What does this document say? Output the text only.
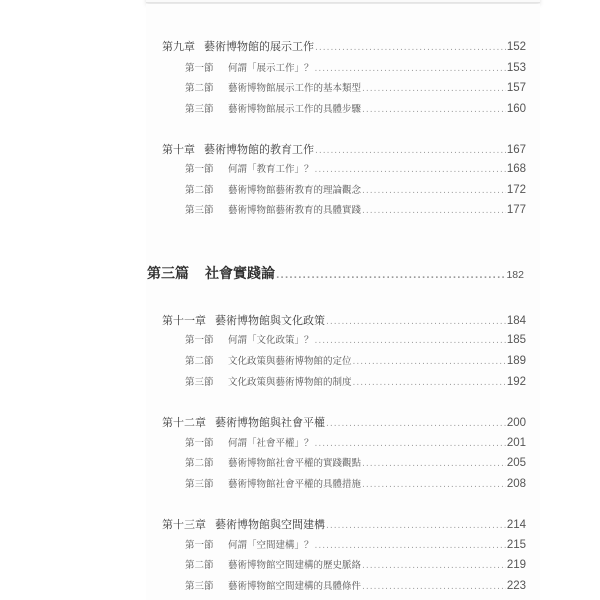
第九章 藝術博物館的展示工作 .....	152
第一節	何謂「展示工作」？ .....	153
第二節	藝術博物館展示工作的基本類型 .....	157
第三節	藝術博物館展示工作的具體步驟 .....	160
第十章 藝術博物館的教育工作 .....	167
第一節	何謂「教育工作」？ .....	168
第二節	藝術博物館藝術教育的理論觀念 .....	172
第三節	藝術博物館藝術教育的具體實踐 .....	177
第三篇 社會實踐論 .....	182
第十一章 藝術博物館與文化政策 .....	184
第一節	何謂「文化政策」？ .....	185
第二節	文化政策與藝術博物館的定位 .....	189
第三節	文化政策與藝術博物館的制度 .....	192
第十二章 藝術博物館與社會平權 .....	200
第一節	何謂「社會平權」？ .....	201
第二節	藝術博物館社會平權的實踐觀點 .....	205
第三節	藝術博物館社會平權的具體措施 .....	208
第十三章 藝術博物館與空間建構 .....	214
第一節	何謂「空間建構」？ .....	215
第二節	藝術博物館空間建構的歷史脈絡 .....	219
第三節	藝術博物館空間建構的具體條件 .....	223
